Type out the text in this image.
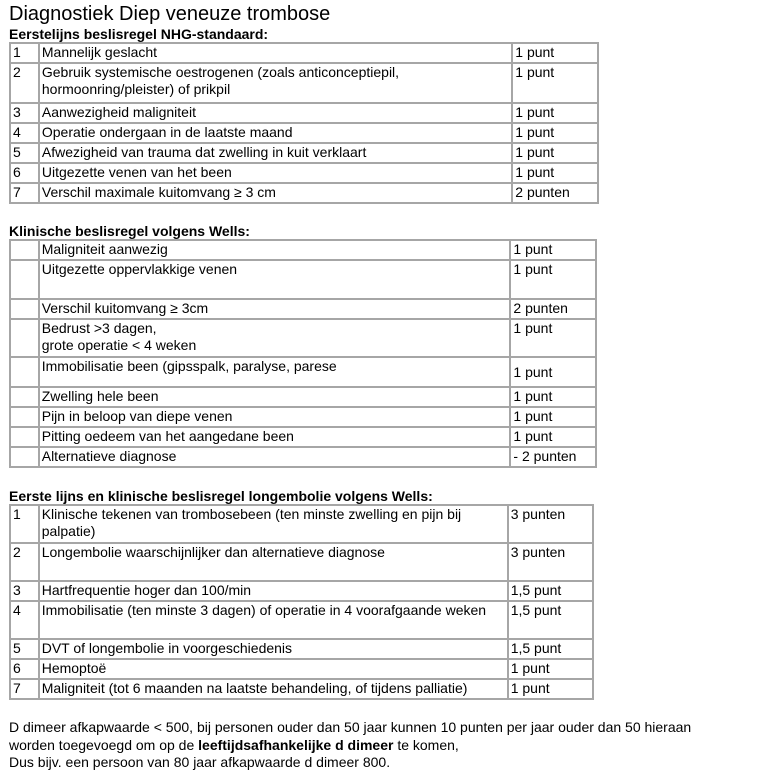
Diagnostiek Diep veneuze trombose
Eerstelijns beslisregel NHG-standaard:
1	Mannelijk geslacht	1 punt
2	Gebruik systemische oestrogenen (zoals anticonceptiepil, hormoonring/pleister) of prikpil	1 punt
3	Aanwezigheid maligniteit	1 punt
4	Operatie ondergaan in de laatste maand	1 punt
5	Afwezigheid van trauma dat zwelling in kuit verklaart	1 punt
6	Uitgezette venen van het been	1 punt
7	Verschil maximale kuitomvang ≥ 3 cm	2 punten
Klinische beslisregel volgens Wells:
	Maligniteit aanwezig	1 punt
	Uitgezette oppervlakkige venen	1 punt
	Verschil kuitomvang ≥ 3cm	2 punten

	Bedrust >3 dagen,
grote operatie < 4 weken	1 punt
	Immobilisatie been (gipsspalk, paralyse, parese	1 punt
	Zwelling hele been	1 punt
	Pijn in beloop van diepe venen	1 punt
	Pitting oedeem van het aangedane been	1 punt
	Alternatieve diagnose	- 2 punten
Eerste lijns en klinische beslisregel longembolie volgens Wells:
1	Klinische tekenen van trombosebeen (ten minste zwelling en pijn bij palpatie)	3 punten
2	Longembolie waarschijnlijker dan alternatieve diagnose	3 punten
3	Hartfrequentie hoger dan 100/min	1,5 punt
4	Immobilisatie (ten minste 3 dagen) of operatie in 4 voorafgaande weken	1,5 punt
5	DVT of longembolie in voorgeschiedenis	1,5 punt
6	Hemoptoë	1 punt
7	Maligniteit (tot 6 maanden na laatste behandeling, of tijdens palliatie)	1 punt
D dimeer afkapwaarde < 500, bij personen ouder dan 50 jaar kunnen 10 punten per jaar ouder dan 50 hieraan
worden toegevoegd om op de leeftijdsafhankelijke d dimeer te komen,
Dus bijv. een persoon van 80 jaar afkapwaarde d dimeer 800.
